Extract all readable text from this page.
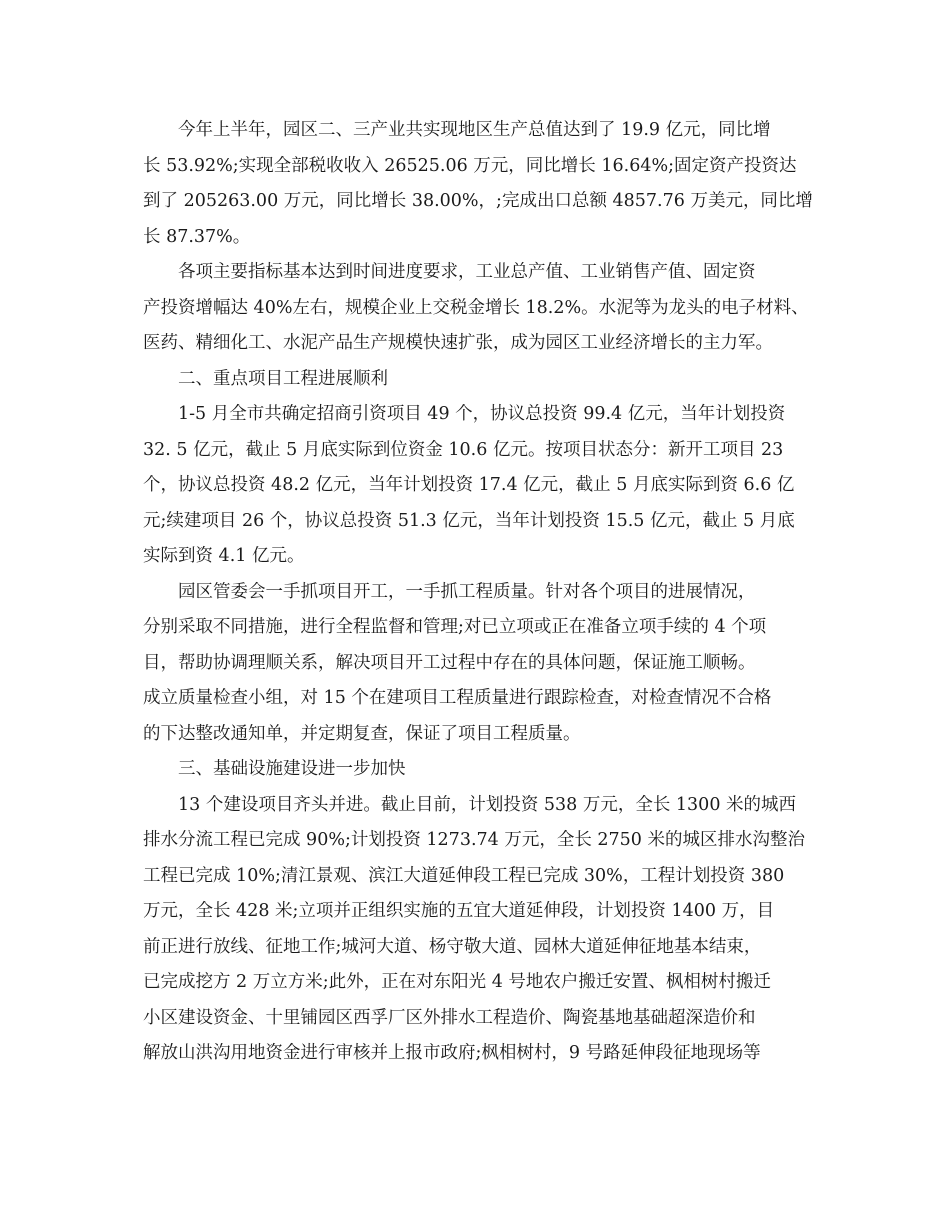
今年上半年，园区二、三产业共实现地区生产总值达到了 19.9 亿元，同比增
长 53.92%;实现全部税收收入 26525.06 万元，同比增长 16.64%;固定资产投资达
到了 205263.00 万元，同比增长 38.00%，;完成出口总额 4857.76 万美元，同比增
长 87.37%。
各项主要指标基本达到时间进度要求，工业总产值、工业销售产值、固定资
产投资增幅达 40%左右，规模企业上交税金增长 18.2%。水泥等为龙头的电子材料、
医药、精细化工、水泥产品生产规模快速扩张，成为园区工业经济增长的主力军。
二、重点项目工程进展顺利
1-5 月全市共确定招商引资项目 49 个，协议总投资 99.4 亿元，当年计划投资
32. 5 亿元，截止 5 月底实际到位资金 10.6 亿元。按项目状态分：新开工项目 23
个，协议总投资 48.2 亿元，当年计划投资 17.4 亿元，截止 5 月底实际到资 6.6 亿
元;续建项目 26 个，协议总投资 51.3 亿元，当年计划投资 15.5 亿元，截止 5 月底
实际到资 4.1 亿元。
园区管委会一手抓项目开工，一手抓工程质量。针对各个项目的进展情况，
分别采取不同措施，进行全程监督和管理;对已立项或正在准备立项手续的 4 个项
目，帮助协调理顺关系，解决项目开工过程中存在的具体问题，保证施工顺畅。
成立质量检查小组，对 15 个在建项目工程质量进行跟踪检查，对检查情况不合格
的下达整改通知单，并定期复查，保证了项目工程质量。
三、基础设施建设进一步加快
13 个建设项目齐头并进。截止目前，计划投资 538 万元，全长 1300 米的城西
排水分流工程已完成 90%;计划投资 1273.74 万元，全长 2750 米的城区排水沟整治
工程已完成 10%;清江景观、滨江大道延伸段工程已完成 30%，工程计划投资 380
万元，全长 428 米;立项并正组织实施的五宜大道延伸段，计划投资 1400 万，目
前正进行放线、征地工作;城河大道、杨守敬大道、园林大道延伸征地基本结束，
已完成挖方 2 万立方米;此外，正在对东阳光 4 号地农户搬迁安置、枫相树村搬迁
小区建设资金、十里铺园区西孚厂区外排水工程造价、陶瓷基地基础超深造价和
解放山洪沟用地资金进行审核并上报市政府;枫相树村，9 号路延伸段征地现场等
